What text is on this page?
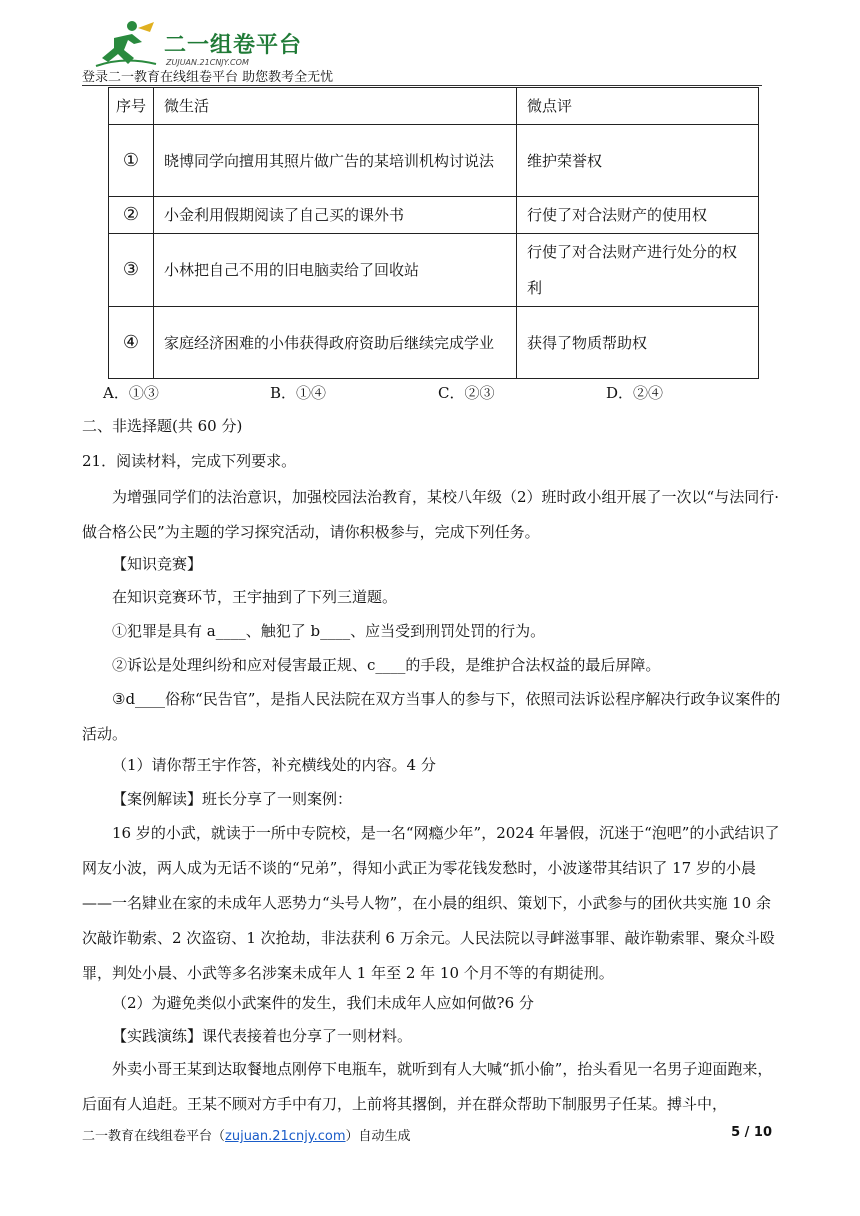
二一组卷平台
ZUJUAN.21CNJY.COM
登录二一教育在线组卷平台 助您教考全无忧
序号	微生活	微点评
①	晓博同学向擅用其照片做广告的某培训机构讨说法	维护荣誉权
②	小金利用假期阅读了自己买的课外书	行使了对合法财产的使用权
③	小林把自己不用的旧电脑卖给了回收站	行使了对合法财产进行处分的权利
④	家庭经济困难的小伟获得政府资助后继续完成学业	获得了物质帮助权
A．①③	B．①④	C．②③	D．②④
二、非选择题(共 60 分)
21．阅读材料，完成下列要求。
为增强同学们的法治意识，加强校园法治教育，某校八年级（2）班时政小组开展了一次以“与法同行·做合格公民”为主题的学习探究活动，请你积极参与，完成下列任务。
【知识竞赛】
在知识竞赛环节，王宇抽到了下列三道题。
①犯罪是具有 a____、触犯了 b____、应当受到刑罚处罚的行为。
②诉讼是处理纠纷和应对侵害最正规、c____的手段，是维护合法权益的最后屏障。
③d____俗称“民告官”，是指人民法院在双方当事人的参与下，依照司法诉讼程序解决行政争议案件的活动。
（1）请你帮王宇作答，补充横线处的内容。4 分
【案例解读】班长分享了一则案例：
16 岁的小武，就读于一所中专院校，是一名“网瘾少年”，2024 年暑假，沉迷于“泡吧”的小武结识了网友小波，两人成为无话不谈的“兄弟”，得知小武正为零花钱发愁时，小波遂带其结识了 17 岁的小晨——一名肄业在家的未成年人恶势力“头号人物”，在小晨的组织、策划下，小武参与的团伙共实施 10 余次敲诈勒索、2 次盗窃、1 次抢劫，非法获利 6 万余元。人民法院以寻衅滋事罪、敲诈勒索罪、聚众斗殴罪，判处小晨、小武等多名涉案未成年人 1 年至 2 年 10 个月不等的有期徒刑。
（2）为避免类似小武案件的发生，我们未成年人应如何做?6 分
【实践演练】课代表接着也分享了一则材料。
外卖小哥王某到达取餐地点刚停下电瓶车，就听到有人大喊“抓小偷”，抬头看见一名男子迎面跑来，后面有人追赶。王某不顾对方手中有刀，上前将其撂倒，并在群众帮助下制服男子任某。搏斗中，
二一教育在线组卷平台（zujuan.21cnjy.com）自动生成	5 / 10
